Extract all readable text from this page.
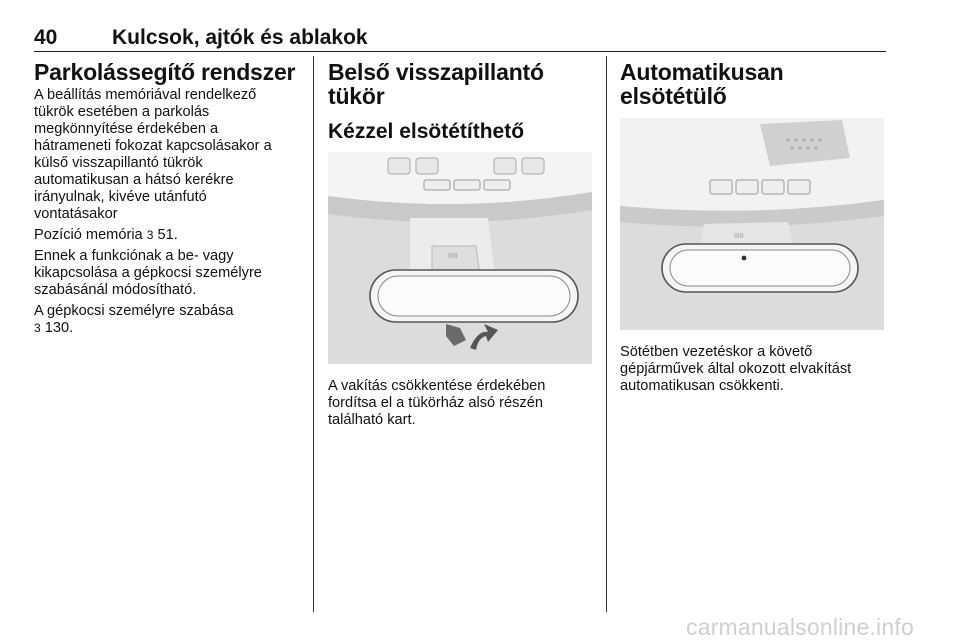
40	Kulcsok, ajtók és ablakok
Parkolássegítő rendszer

A beállítás memóriával rendelkező
tükrök esetében a parkolás
megkönnyítése érdekében a
hátrameneti fokozat kapcsolásakor a
külső visszapillantó tükrök
automatikusan a hátsó kerékre
irányulnak, kivéve utánfutó
vontatásakor

Pozíció memória 3 51.

Ennek a funkciónak a be- vagy
kikapcsolása a gépkocsi személyre
szabásánál módosítható.

A gépkocsi személyre szabása
3 130.

Belső visszapillantó
tükör
Kézzel elsötétíthető
IIIII

A vakítás csökkentése érdekében
fordítsa el a tükörház alsó részén
található kart.

Automatikusan elsötétülő
IIIII

Sötétben vezetéskor a követő
gépjárművek által okozott elvakítást
automatikusan csökkenti.

carmanualsonline.info
